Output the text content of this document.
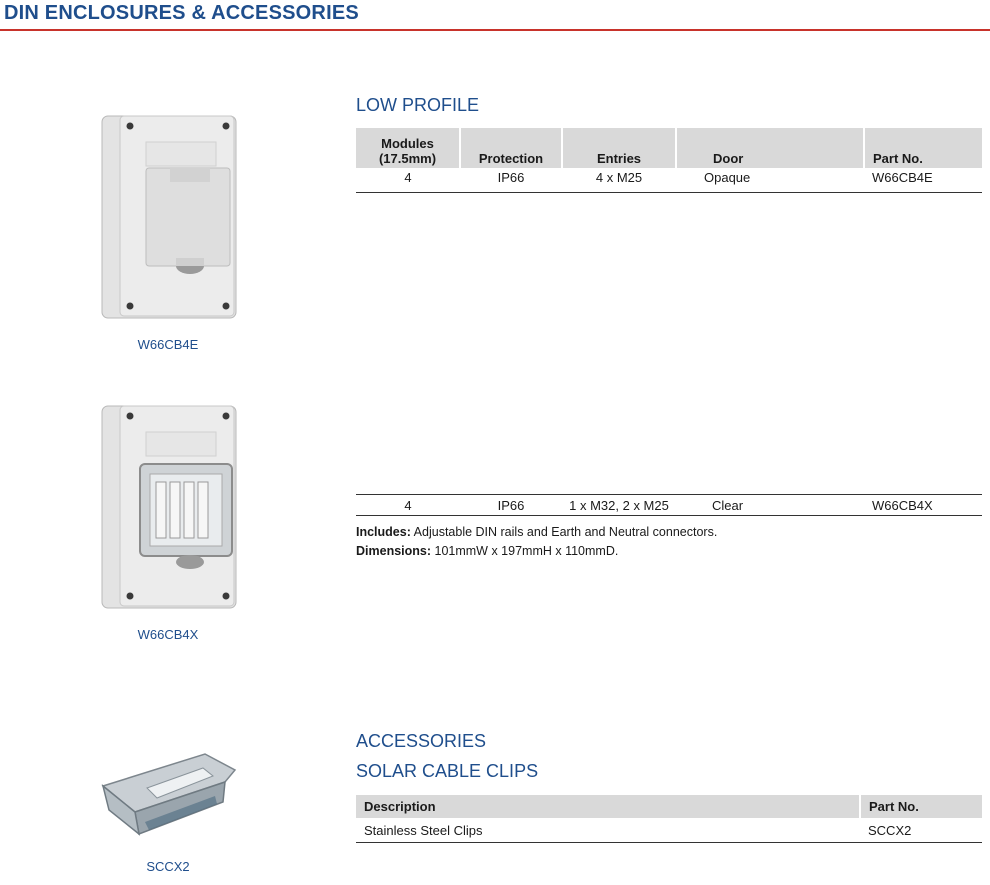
DIN ENCLOSURES & ACCESSORIES
W66CB4E
W66CB4X
SCCX2
LOW PROFILE
Modules (17.5mm)	Protection	Entries	Door	Part No.
4	IP66	4 x M25	Opaque	W66CB4E
4	IP66	1 x M32, 2 x M25	Clear	W66CB4X
Includes: Adjustable DIN rails and Earth and Neutral connectors.
Dimensions: 101mmW x 197mmH x 110mmD.
ACCESSORIES
SOLAR CABLE CLIPS
Description	Part No.
Stainless Steel Clips	SCCX2
